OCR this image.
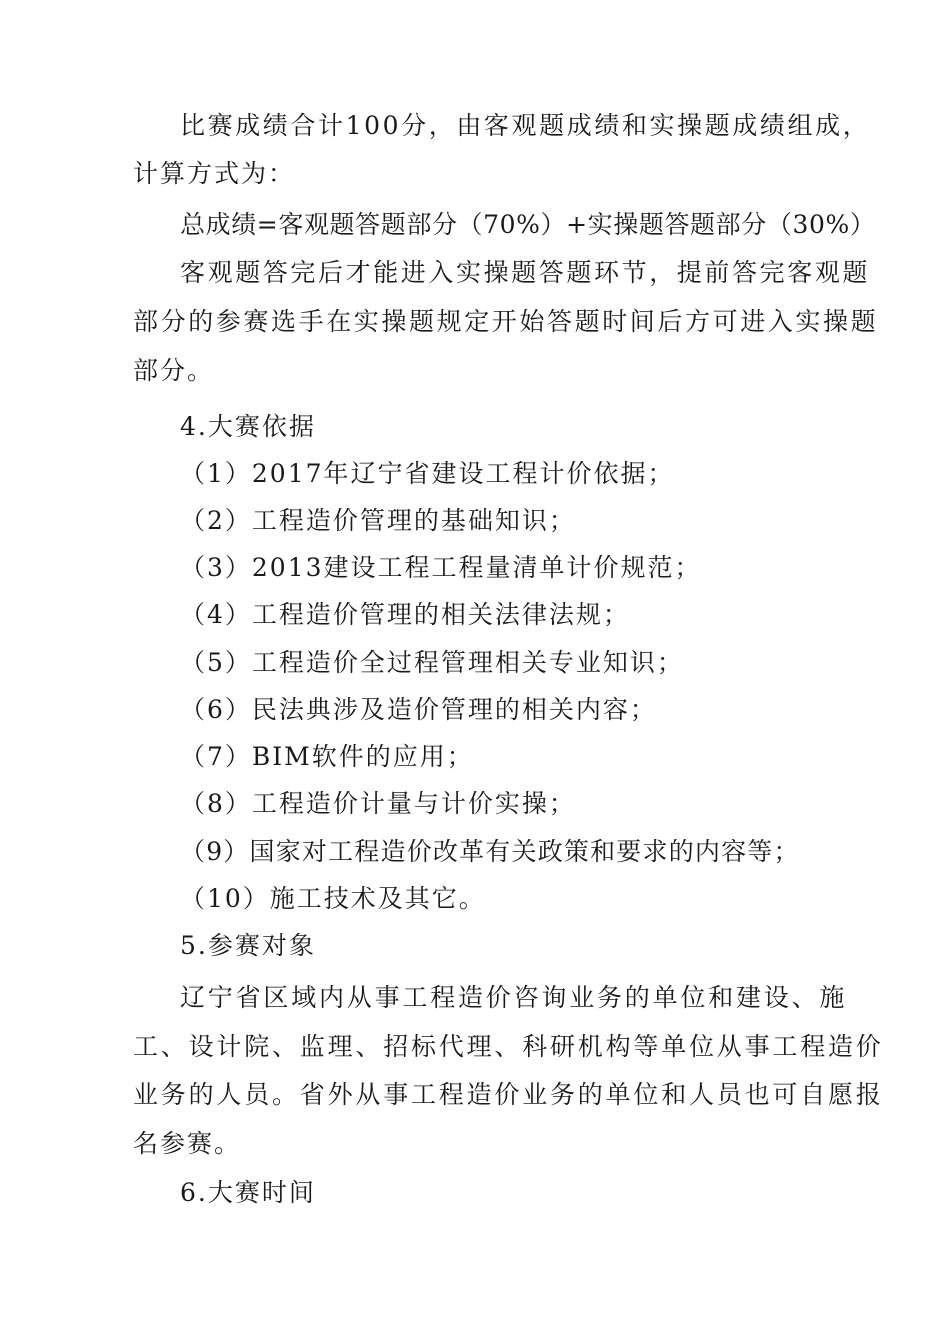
比赛成绩合计100分，由客观题成绩和实操题成绩组成，
计算方式为：
总成绩=客观题答题部分（70%）+实操题答题部分（30%）
客观题答完后才能进入实操题答题环节，提前答完客观题
部分的参赛选手在实操题规定开始答题时间后方可进入实操题
部分。
4.大赛依据
（1）2017年辽宁省建设工程计价依据；
（2）工程造价管理的基础知识；
（3）2013建设工程工程量清单计价规范；
（4）工程造价管理的相关法律法规；
（5）工程造价全过程管理相关专业知识；
（6）民法典涉及造价管理的相关内容；
（7）BIM软件的应用；
（8）工程造价计量与计价实操；
（9）国家对工程造价改革有关政策和要求的内容等；
（10）施工技术及其它。
5.参赛对象
辽宁省区域内从事工程造价咨询业务的单位和建设、施
工、设计院、监理、招标代理、科研机构等单位从事工程造价
业务的人员。省外从事工程造价业务的单位和人员也可自愿报
名参赛。
6.大赛时间
